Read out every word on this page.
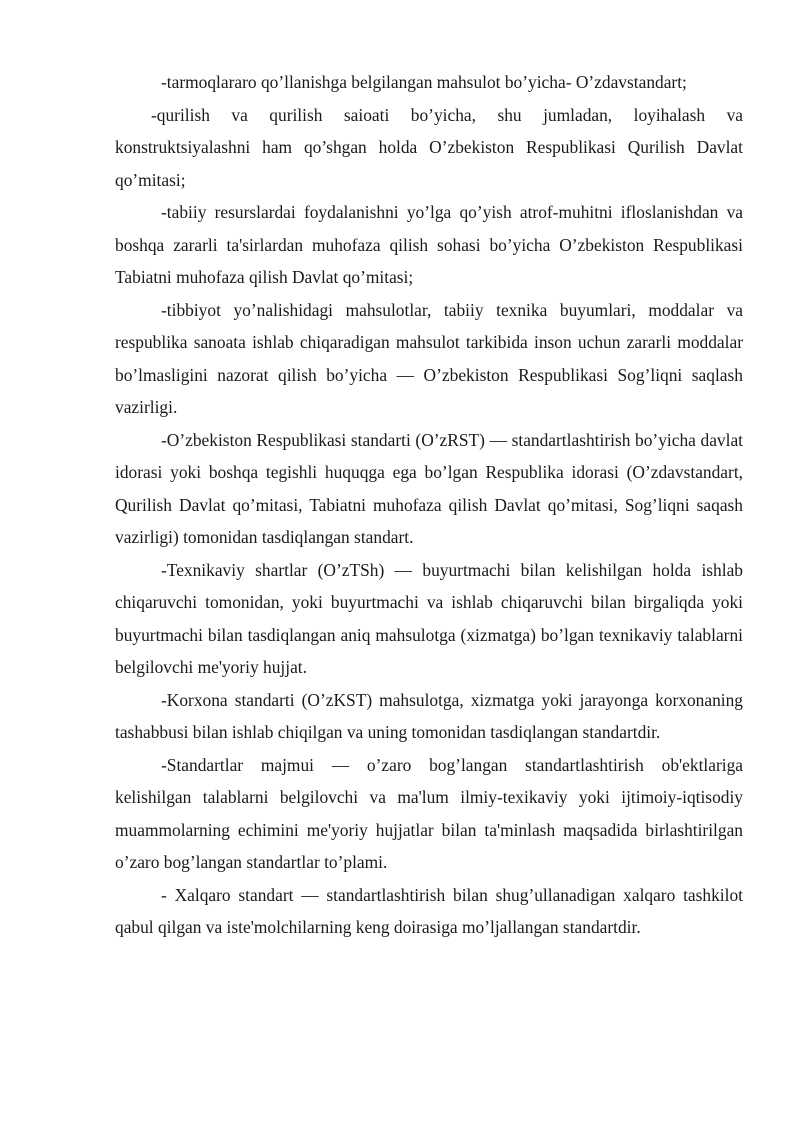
-tarmoqlararo qo’llanishga belgilangan mahsulot bo’yicha- O’zdavstandart;

-qurilish va qurilish saioati bo’yicha, shu jumladan, loyihalash va konstruktsiyalashni ham qo’shgan holda O’zbekiston Respublikasi Qurilish Davlat qo’mitasi;

-tabiiy resurslardai foydalanishni yo’lga qo’yish atrof-muhitni ifloslanishdan va boshqa zararli ta'sirlardan muhofaza qilish sohasi bo’yicha O’zbekiston Respublikasi Tabiatni muhofaza qilish Davlat qo’mitasi;

-tibbiyot yo’nalishidagi mahsulotlar, tabiiy texnika buyumlari, moddalar va respublika sanoata ishlab chiqaradigan mahsulot tarkibida inson uchun zararli moddalar bo’lmasligini nazorat qilish bo’yicha — O’zbekiston Respublikasi Sog’liqni saqlash vazirligi.

-O’zbekiston Respublikasi standarti (O’zRST) — standartlashtirish bo’yicha davlat idorasi yoki boshqa tegishli huquqga ega bo’lgan Respublika idorasi (O’zdavstandart, Qurilish Davlat qo’mitasi, Tabiatni muhofaza qilish Davlat qo’mitasi, Sog’liqni saqash vazirligi) tomonidan tasdiqlangan standart.

-Texnikaviy shartlar (O’zTSh) — buyurtmachi bilan kelishilgan holda ishlab chiqaruvchi tomonidan, yoki buyurtmachi va ishlab chiqaruvchi bilan birgaliqda yoki buyurtmachi bilan tasdiqlangan aniq mahsulotga (xizmatga) bo’lgan texnikaviy talablarni belgilovchi me'yoriy hujjat.

-Korxona standarti (O’zKST) mahsulotga, xizmatga yoki jarayonga korxonaning tashabbusi bilan ishlab chiqilgan va uning tomonidan tasdiqlangan standartdir.

-Standartlar majmui — o’zaro bog’langan standartlashtirish ob'ektlariga kelishilgan talablarni belgilovchi va ma'lum ilmiy-texikaviy yoki ijtimoiy-iqtisodiy muammolarning echimini me'yoriy hujjatlar bilan ta'minlash maqsadida birlashtirilgan o’zaro bog’langan standartlar to’plami.

- Xalqaro standart — standartlashtirish bilan shug’ullanadigan xalqaro tashkilot qabul qilgan va iste'molchilarning keng doirasiga mo’ljallangan standartdir.
